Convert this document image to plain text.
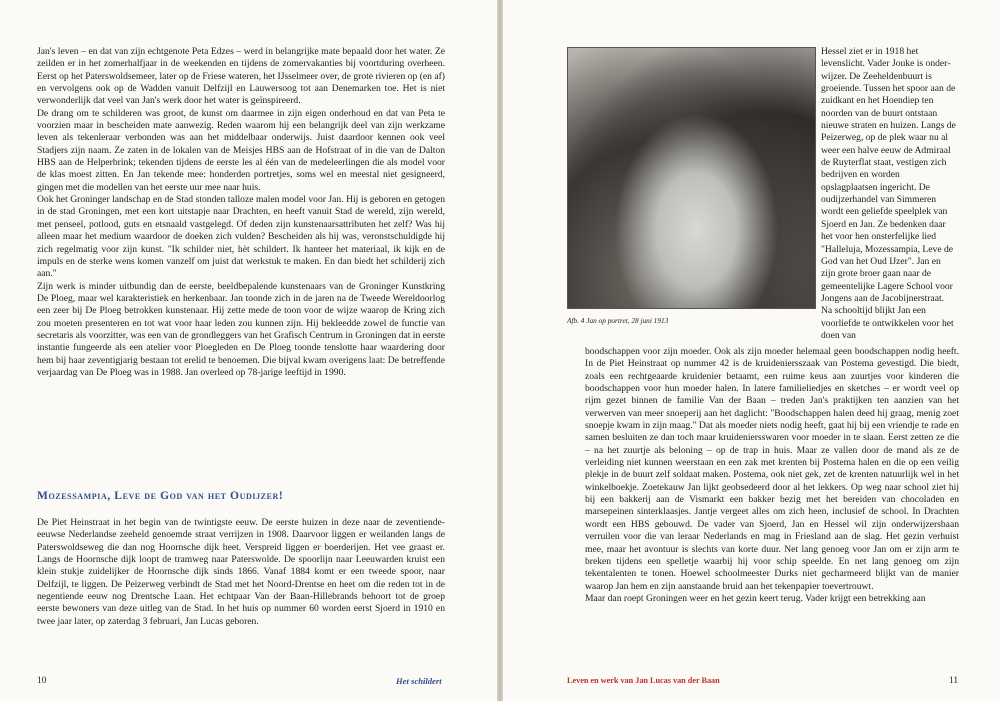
Jan's leven – en dat van zijn echtgenote Peta Edzes – werd in belangrijke mate bepaald door het water. Ze zeilden er in het zomerhalfjaar in de weekenden en tijdens de zomervakanties bij voortduring overheen. Eerst op het Paterswoldsemeer, later op de Friese wateren, het IJsselmeer over, de grote rivieren op (en af) en vervolgens ook op de Wadden vanuit Delfzijl en Lauwersoog tot aan Denemarken toe. Het is niet verwonderlijk dat veel van Jan's werk door het water is geïnspireerd.

De drang om te schilderen was groot, de kunst om daarmee in zijn eigen onderhoud en dat van Peta te voorzien maar in bescheiden mate aanwezig. Reden waarom hij een belangrijk deel van zijn werkzame leven als tekenleraar verbonden was aan het middelbaar onderwijs. Juist daardoor kennen ook veel Stadjers zijn naam. Ze zaten in de lokalen van de Meisjes HBS aan de Hofstraat of in die van de Dalton HBS aan de Helperbrink; tekenden tijdens de eerste les al één van de medeleerlingen die als model voor de klas moest zitten. En Jan tekende mee: honderden portretjes, soms wel en meestal niet gesigneerd, gingen met die modellen van het eerste uur mee naar huis.

Ook het Groninger landschap en de Stad stonden talloze malen model voor Jan. Hij is geboren en getogen in de stad Groningen, met een kort uitstapje naar Drachten, en heeft vanuit Stad de wereld, zijn wereld, met penseel, potlood, guts en etsnaald vastgelegd. Of deden zijn kunstenaarsattributen het zelf? Was hij alleen maar het medium waardoor de doeken zich vulden? Bescheiden als hij was, veronstschuldigde hij zich regelmatig voor zijn kunst. "Ik schilder niet, hèt schildert. Ik hanteer het materiaal, ik kijk en de impuls en de sterke wens komen vanzelf om juist dat werkstuk te maken. En dan biedt het schilderij zich aan."

Zijn werk is minder uitbundig dan de eerste, beeldbepalende kunstenaars van de Groninger Kunstkring De Ploeg, maar wel karakteristiek en herkenbaar. Jan toonde zich in de jaren na de Tweede Wereldoorlog een zeer bij De Ploeg betrokken kunstenaar. Hij zette mede de toon voor de wijze waarop de Kring zich zou moeten presenteren en tot wat voor haar leden zou kunnen zijn. Hij bekleedde zowel de functie van secretaris als voorzitter, was een van de grondleggers van het Grafisch Centrum in Groningen dat in eerste instantie fungeerde als een atelier voor Ploegleden en De Ploeg toonde tenslotte haar waardering door hem bij haar zeventigjarig bestaan tot erelid te benoemen. Die bijval kwam overigens laat: De betreffende verjaardag van De Ploeg was in 1988. Jan overleed op 78-jarige leeftijd in 1990.

Mozessampia, Leve de God van het Oudijzer!

De Piet Heinstraat in het begin van de twintigste eeuw. De eerste huizen in deze naar de zeventiende-eeuwse Nederlandse zeeheld genoemde straat verrijzen in 1908. Daarvoor liggen er weilanden langs de Paterswoldseweg die dan nog Hoornsche dijk heet. Verspreid liggen er boerderijen. Het vee graast er. Langs de Hoornsche dijk loopt de tramweg naar Paterswolde. De spoorlijn naar Leeuwarden kruist een klein stukje zuidelijker de Hoornsche dijk sinds 1866. Vanaf 1884 komt er een tweede spoor, naar Delfzijl, te liggen. De Peizerweg verbindt de Stad met het Noord-Drentse en heet om die reden tot in de negentiende eeuw nog Drentsche Laan. Het echtpaar Van der Baan-Hillebrands behoort tot de groep eerste bewoners van deze uitleg van de Stad. In het huis op nummer 60 worden eerst Sjoerd in 1910 en twee jaar later, op zaterdag 3 februari, Jan Lucas geboren.

10	Het schildert
Afb. 4 Jan op portret, 28 juni 1913

Hessel ziet er in 1918 het levenslicht. Vader Jouke is onderwijzer. De Zeeheldenbuurt is groeiende. Tussen het spoor aan de zuidkant en het Hoendiep ten noorden van de buurt ontstaan nieuwe straten en huizen. Langs de Peizerweg, op de plek waar nu al weer een halve eeuw de Admiraal de Ruyterflat staat, vestigen zich bedrijven en worden opslagplaatsen ingericht. De oudijzerhandel van Simmeren wordt een geliefde speelplek van Sjoerd en Jan. Ze bedenken daar het voor hen onsterfelijke lied "Halleluja, Mozessampia, Leve de God van het Oud IJzer". Jan en zijn grote broer gaan naar de gemeentelijke Lagere School voor Jongens aan de Jacobijnerstraat. Na schooltijd blijkt Jan een voorliefde te ontwikkelen voor het doen van

boodschappen voor zijn moeder. Ook als zijn moeder helemaal geen boodschappen nodig heeft. In de Piet Heinstraat op nummer 42 is de kruideniersszaak van Postema gevestigd. Die biedt, zoals een rechtgeaarde kruidenier betaamt, een ruime keus aan zuurtjes voor kinderen die boodschappen voor hun moeder halen. In latere familieliedjes en sketches – er wordt veel op rijm gezet binnen de familie Van der Baan – treden Jan's praktijken ten aanzien van het verwerven van meer snoeperij aan het daglicht: "Boodschappen halen deed hij graag, menig zoet snoepje kwam in zijn maag." Dat als moeder niets nodig heeft, gaat hij bij een vriendje te rade en samen besluiten ze dan toch maar kruideniersswaren voor moeder in te slaan. Eerst zetten ze die – na het zuurtje als beloning – op de trap in huis. Maar ze vallen door de mand als ze de verleiding niet kunnen weerstaan en een zak met krenten bij Postema halen en die op een veilig plekje in de buurt zelf soldaat maken. Postema, ook niet gek, zet de krenten natuurlijk wel in het winkelboekje. Zoetekauw Jan lijkt geobsedeerd door al het lekkers. Op weg naar school ziet hij bij een bakkerij aan de Vismarkt een bakker bezig met het bereiden van chocoladen en marsepeinen sinterklaasjes. Jantje vergeet alles om zich heen, inclusief de school. In Drachten wordt een HBS gebouwd. De vader van Sjoerd, Jan en Hessel wil zijn onderwijzersbaan verruilen voor die van leraar Nederlands en mag in Friesland aan de slag. Het gezin verhuist mee, maar het avontuur is slechts van korte duur. Net lang genoeg voor Jan om er zijn arm te breken tijdens een spelletje waarbij hij voor schip speelde. En net lang genoeg om zijn tekentalenten te tonen. Hoewel schoolmeester Durks niet gecharmeerd blijkt van de manier waarop Jan hem en zijn aanstaande bruid aan het tekenpapier toevertrouwt.

Maar dan roept Groningen weer en het gezin keert terug. Vader krijgt een betrekking aan

Leven en werk van Jan Lucas van der Baan	11
